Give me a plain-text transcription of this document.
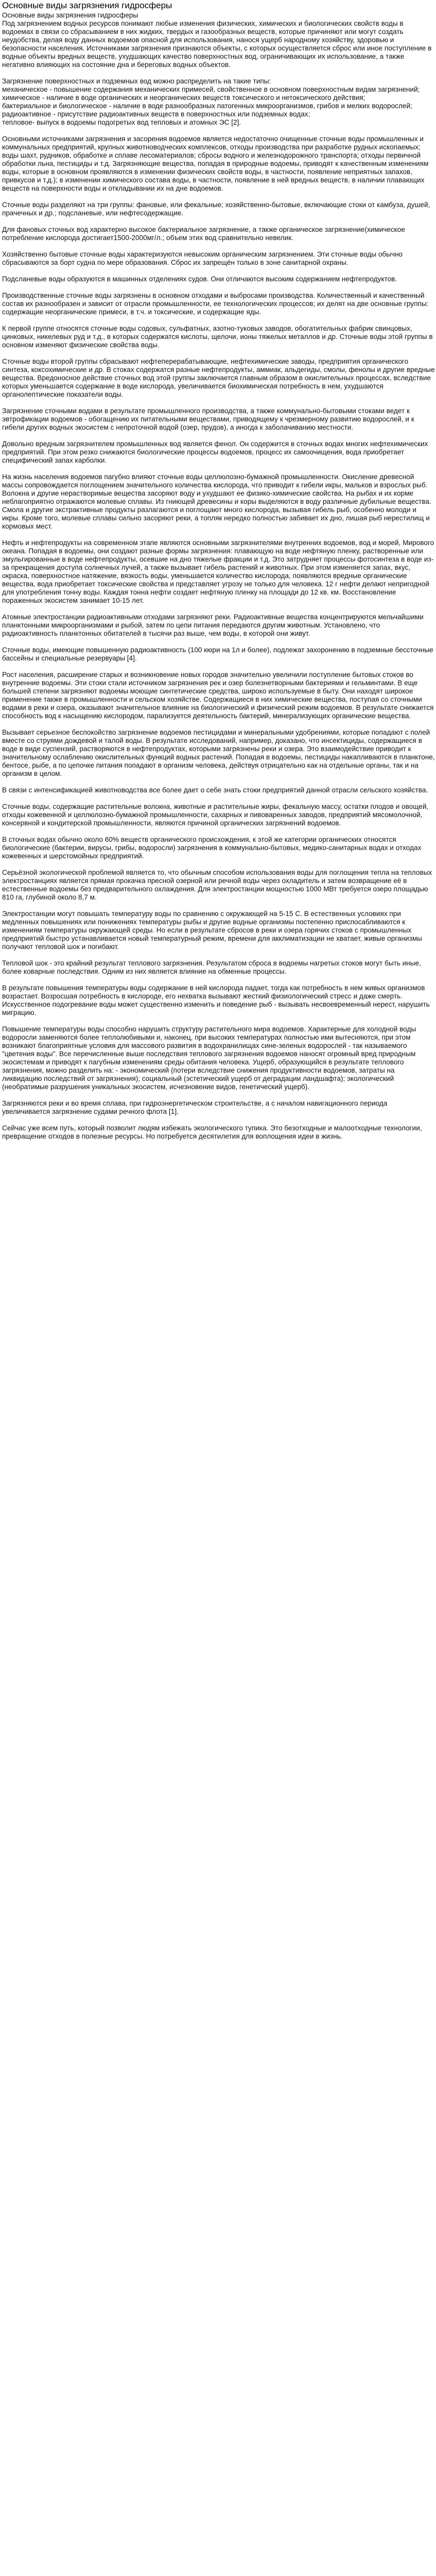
Основные виды загрязнения гидросферы

Основные виды загрязнения гидросферы
Под загрязнением водных ресурсов понимают любые изменения физических, химических и биологических свойств воды в водоемах в связи со сбрасыванием в них жидких, твердых и газообразных веществ, которые причиняют или могут создать неудобства, делая воду данных водоемов опасной для использования, нанося ущерб народному хозяйству, здоровью и безопасности населения. Источниками загрязнения признаются объекты, с которых осуществляется сброс или иное поступление в водные объекты вредных веществ, ухудшающих качество поверхностных вод, ограничивающих их использование, а также негативно влияющих на состояние дна и береговых водных объектов.

Загрязнение поверхностных и подземных вод можно распределить на такие типы:
механическое - повышение содержания механических примесей, свойственное в основном поверхностным видам загрязнений;
химическое - наличие в воде органических и неорганических веществ токсического и нетоксического действия;
бактериальное и биологическое - наличие в воде разнообразных патогенных микроорганизмов, грибов и мелких водорослей;
радиоактивное - присутствие радиоактивных веществ в поверхностных или подземных водах;
тепловое- выпуск в водоемы подогретых вод тепловых и атомных ЭС [2].

Основными источниками загрязнения и засорения водоемов является недостаточно очищенные сточные воды промышленных и коммунальных предприятий, крупных животноводческих комплексов, отходы производства при разработке рудных ископаемых; воды шахт, рудников, обработке и сплаве лесоматериалов; сбросы водного и железнодорожного транспорта; отходы первичной обработки льна, пестициды и т.д. Загрязняющие вещества, попадая в природные водоемы, приводят к качественным изменениям воды, которые в основном проявляются в изменении физических свойств воды, в частности, появление неприятных запахов, привкусов и т.д.); в изменении химического состава воды, в частности, появление в ней вредных веществ, в наличии плавающих веществ на поверхности воды и откладывании их на дне водоемов.

Сточные воды разделяют на три группы: фановые, или фекальные; хозяйственно-бытовые, включающие стоки от камбуза, душей, прачечных и др.; подсланевые, или нефтесодержащие.

Для фановых сточных вод характерно высокое бактериальное загрязнение, а также органическое загрязнение(химическое потребление кислорода достигает1500-2000мг/л.; объем этих вод сравнительно невелик.

Хозяйственно бытовые сточные воды характеризуются невысоким органическим загрязнением. Эти сточные воды обычно сбрасываются за борт судна по мере образования. Сброс их запрещён только в зоне санитарной охраны.

Подсланевые воды образуются в машинных отделениях судов. Они отличаются высоким содержанием нефтепродуктов.

Производственные сточные воды загрязнены в основном отходами и выбросами производства. Количественный и качественный состав их разнообразен и зависит от отрасли промышленности, ее технологических процессов; их делят на две основные группы: содержащие неорганические примеси, в т.ч. и токсические, и содержащие яды.

К первой группе относятся сточные воды содовых, сульфатных, азотно-туковых заводов, обогатительных фабрик свинцовых, цинковых, никелевых руд и т.д., в которых содержатся кислоты, щелочи, ионы тяжелых металлов и др. Сточные воды этой группы в основном изменяют физические свойства воды.

Сточные воды второй группы сбрасывают нефтеперерабатывающие, нефтехимические заводы, предприятия органического синтеза, коксохимические и др. В стоках содержатся разные нефтепродукты, аммиак, альдегиды, смолы, фенолы и другие вредные вещества. Вредоносное действие сточных вод этой группы заключается главным образом в окислительных процессах, вследствие которых уменьшается содержание в воде кислорода, увеличивается биохимическая потребность в нем, ухудшаются органолептические показатели воды.

Загрязнение сточными водами в результате промышленного производства, а также коммунально-бытовыми стоками ведет к эвтрофикации водоемов - обогащению их питательными веществами, приводящему к чрезмерному развитию водорослей, и к гибели других водных экосистем с непроточной водой (озер, прудов), а иногда к заболачиванию местности.

Довольно вредным загрязнителем промышленных вод является фенол. Он содержится в сточных водах многих нефтехимических предприятий. При этом резко снижаются биологические процессы водоемов, процесс их самоочищения, вода приобретает специфический запах карболки.

На жизнь населения водоемов пагубно влияют сточные воды целлюлозно-бумажной промышленности. Окисление древесной массы сопровождается поглощением значительного количества кислорода, что приводит к гибели икры, мальков и взрослых рыб. Волокна и другие нерастворимые вещества засоряют воду и ухудшают ее физико-химические свойства. На рыбах и их корме неблагоприятно отражаются молевые сплавы. Из гниющей древесины и коры выделяются в воду различные дубильные вещества. Смола и другие экстрактивные продукты разлагаются и поглощают много кислорода, вызывая гибель рыб, особенно молоди и икры. Кроме того, молевые сплавы сильно засоряют реки, а топляк нередко полностью забивает их дно, лишая рыб нерестилищ и кормовых мест.

Нефть и нефтепродукты на современном этапе являются основными загрязнителями внутренних водоемов, вод и морей, Мирового океана. Попадая в водоемы, они создают разные формы загрязнения: плавающую на воде нефтяную пленку, растворенные или эмульгированные в воде нефтепродукты, осевшие на дно тяжелые фракции и т.д. Это затрудняет процессы фотосинтеза в воде из-за прекращения доступа солнечных лучей, а также вызывает гибель растений и животных. При этом изменяется запах, вкус, окраска, поверхностное натяжение, вязкость воды, уменьшается количество кислорода, появляются вредные органические вещества, вода приобретает токсические свойства и представляет угрозу не только для человека. 12 г нефти делают непригодной для употребления тонну воды. Каждая тонна нефти создает нефтяную пленку на площади до 12 кв. км. Восстановление пораженных экосистем занимает 10-15 лет.

Атомные электростанции радиоактивными отходами загрязняют реки. Радиоактивные вещества концентрируются мельчайшими планктонными микроорганизмами и рыбой, затем по цепи питания передаются другим животным. Установлено, что радиоактивность планктонных обитателей в тысячи раз выше, чем воды, в которой они живут.

Сточные воды, имеющие повышенную радиоактивность (100 кюри на 1л и более), подлежат захоронению в подземные бессточные бассейны и специальные резервуары [4].

Рост населения, расширение старых и возникновение новых городов значительно увеличили поступление бытовых стоков во внутренние водоемы. Эти стоки стали источником загрязнения рек и озер болезнетворными бактериями и гельминтами. В еще большей степени загрязняют водоемы моющие синтетические средства, широко используемые в быту. Они находят широкое применение также в промышленности и сельском хозяйстве. Содержащиеся в них химические вещества, поступая со сточными водами в реки и озера, оказывают значительное влияние на биологический и физический режим водоемов. В результате снижается способность вод к насыщению кислородом, парализуется деятельность бактерий, минерализующих органические вещества.

Вызывает серьезное беспокойство загрязнение водоемов пестицидами и минеральными удобрениями, которые попадают с полей вместе со струями дождевой и талой воды. В результате исследований, например, доказано, что инсектициды, содержащиеся в воде в виде суспензий, растворяются в нефтепродуктах, которыми загрязнены реки и озера. Это взаимодействие приводит к значительному ослаблению окислительных функций водных растений. Попадая в водоемы, пестициды накапливаются в планктоне, бентосе, рыбе, а по цепочке питания попадают в организм человека, действуя отрицательно как на отдельные органы, так и на организм в целом.

В связи с интенсификацией животноводства все более дает о себе знать стоки предприятий данной отрасли сельского хозяйства.

Сточные воды, содержащие растительные волокна, животные и растительные жиры, фекальную массу, остатки плодов и овощей, отходы кожевенной и целлюлозно-бумажной промышленности, сахарных и пивоваренных заводов, предприятий мясомолочной, консервной и кондитерской промышленности, являются причиной органических загрязнений водоемов.

В сточных водах обычно около 60% веществ органического происхождения, к этой же категории органических относятся биологические (бактерии, вирусы, грибы, водоросли) загрязнения в коммунально-бытовых, медико-санитарных водах и отходах кожевенных и шерстомойных предприятий.

Серьёзной экологической проблемой является то, что обычным способом использования воды для поглощения тепла на тепловых электростанциях является прямая прокачка пресной озерной или речной воды через охладитель и затем возвращение её в естественные водоемы без предварительного охлаждения. Для электростанции мощностью 1000 МВт требуется озеро площадью 810 га, глубиной около 8,7 м.

Электростанции могут повышать температуру воды по сравнению с окружающей на 5-15 С. В естественных условиях при медленных повышениях или понижениях температуры рыбы и другие водные организмы постепенно приспосабливаются к изменениям температуры окружающей среды. Но если в результате сбросов в реки и озера горячих стоков с промышленных предприятий быстро устанавливается новый температурный режим, времени для акклиматизации не хватает, живые организмы получают тепловой шок и погибают.

Тепловой шок - это крайний результат теплового загрязнения. Результатом сброса в водоемы нагретых стоков могут быть иные, более коварные последствия. Одним из них является влияние на обменные процессы.

В результате повышения температуры воды содержание в ней кислорода падает, тогда как потребность в нем живых организмов возрастает. Возросшая потребность в кислороде, его нехватка вызывают жесткий физиологический стресс и даже смерть. Искусственное подогревание воды может существенно изменить и поведение рыб - вызывать несвоевременный нерест, нарушить миграцию.

Повышение температуры воды способно нарушить структуру растительного мира водоемов. Характерные для холодной воды водоросли заменяются более теплолюбивыми и, наконец, при высоких температурах полностью ими вытесняются, при этом возникают благоприятные условия для массового развития в водохранилищах сине-зеленых водорослей - так называемого "цветения воды". Все перечисленные выше последствия теплового загрязнения водоемов наносят огромный вред природным экосистемам и приводят к пагубным изменениям среды обитания человека. Ущерб, образующийся в результате теплового загрязнения, можно разделить на: - экономический (потери вследствие снижения продуктивности водоемов, затраты на ликвидацию последствий от загрязнения); социальный (эстетический ущерб от деградации ландшафта); экологический (необратимые разрушения уникальных экосистем, исчезновение видов, генетический ущерб).

Загрязняются реки и во время сплава, при гидроэнергетическом строительстве, а с началом навигационного периода увеличивается загрязнение судами речного флота [1].

Сейчас уже всем путь, который позволит людям избежать экологического тупика. Это безотходные и малоотходные технологии, превращение отходов в полезные ресурсы. Но потребуется десятилетия для воплощения идеи в жизнь.
